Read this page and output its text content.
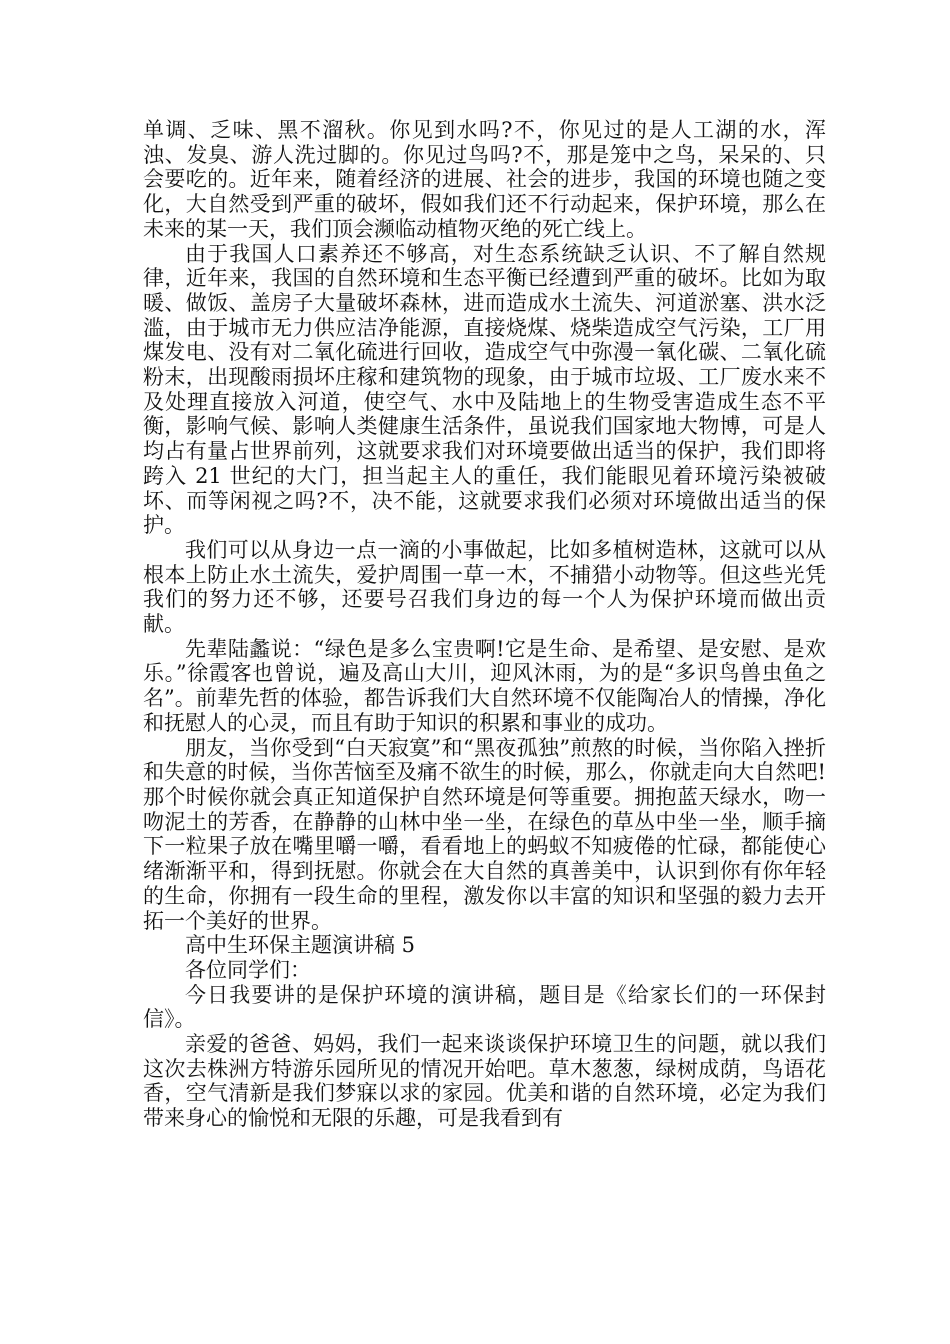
单调、乏味、黑不溜秋。你见到水吗?不，你见过的是人工湖的水，浑浊、发臭、游人洗过脚的。你见过鸟吗?不，那是笼中之鸟，呆呆的、只会要吃的。近年来，随着经济的进展、社会的进步，我国的环境也随之变化，大自然受到严重的破坏，假如我们还不行动起来，保护环境，那么在未来的某一天，我们顶会濒临动植物灭绝的死亡线上。

由于我国人口素养还不够高，对生态系统缺乏认识、不了解自然规律，近年来，我国的自然环境和生态平衡已经遭到严重的破坏。比如为取暖、做饭、盖房子大量破坏森林，进而造成水土流失、河道淤塞、洪水泛滥，由于城市无力供应洁净能源，直接烧煤、烧柴造成空气污染，工厂用煤发电、没有对二氧化硫进行回收，造成空气中弥漫一氧化碳、二氧化硫粉末，出现酸雨损坏庄稼和建筑物的现象，由于城市垃圾、工厂废水来不及处理直接放入河道，使空气、水中及陆地上的生物受害造成生态不平衡，影响气候、影响人类健康生活条件，虽说我们国家地大物博，可是人均占有量占世界前列，这就要求我们对环境要做出适当的保护，我们即将跨入 21 世纪的大门，担当起主人的重任，我们能眼见着环境污染被破坏、而等闲视之吗?不，决不能，这就要求我们必须对环境做出适当的保护。

我们可以从身边一点一滴的小事做起，比如多植树造林，这就可以从根本上防止水土流失，爱护周围一草一木，不捕猎小动物等。但这些光凭我们的努力还不够，还要号召我们身边的每一个人为保护环境而做出贡献。

先辈陆蠡说：“绿色是多么宝贵啊!它是生命、是希望、是安慰、是欢乐。”徐霞客也曾说，遍及高山大川，迎风沐雨，为的是“多识鸟兽虫鱼之名”。前辈先哲的体验，都告诉我们大自然环境不仅能陶冶人的情操，净化和抚慰人的心灵，而且有助于知识的积累和事业的成功。

朋友，当你受到“白天寂寞”和“黑夜孤独”煎熬的时候，当你陷入挫折和失意的时候，当你苦恼至及痛不欲生的时候，那么，你就走向大自然吧!那个时候你就会真正知道保护自然环境是何等重要。拥抱蓝天绿水，吻一吻泥土的芳香，在静静的山林中坐一坐，在绿色的草丛中坐一坐，顺手摘下一粒果子放在嘴里嚼一嚼，看看地上的蚂蚁不知疲倦的忙碌，都能使心绪渐渐平和，得到抚慰。你就会在大自然的真善美中，认识到你有你年轻的生命，你拥有一段生命的里程，激发你以丰富的知识和坚强的毅力去开拓一个美好的世界。

高中生环保主题演讲稿 5

各位同学们：

今日我要讲的是保护环境的演讲稿，题目是《给家长们的一环保封信》。

亲爱的爸爸、妈妈，我们一起来谈谈保护环境卫生的问题，就以我们这次去株洲方特游乐园所见的情况开始吧。草木葱葱，绿树成荫，鸟语花香，空气清新是我们梦寐以求的家园。优美和谐的自然环境，必定为我们带来身心的愉悦和无限的乐趣，可是我看到有
